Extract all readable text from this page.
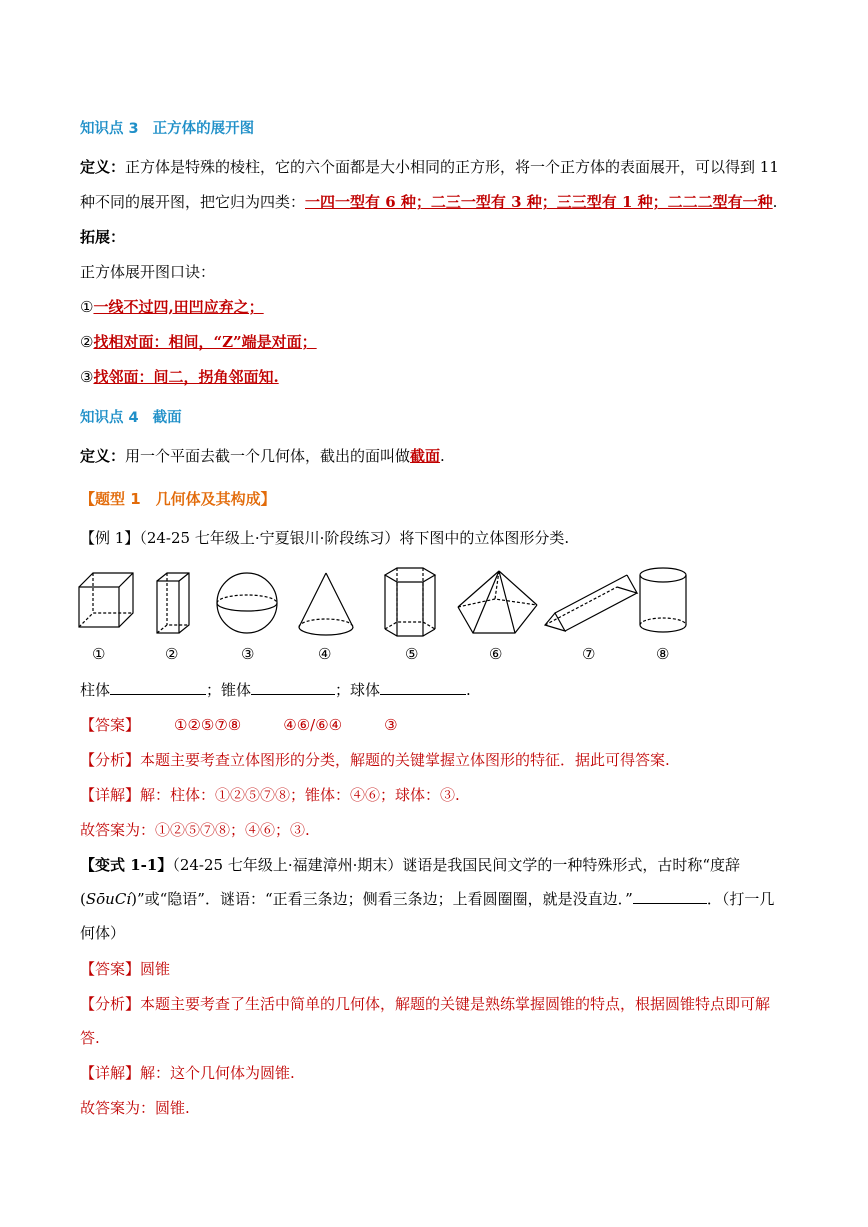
知识点 3 正方体的展开图
定义：正方体是特殊的棱柱，它的六个面都是大小相同的正方形，将一个正方体的表面展开，可以得到 11
种不同的展开图，把它归为四类：一四一型有 6 种；二三一型有 3 种；三三型有 1 种；二二二型有一种.
拓展：
正方体展开图口诀：
①一线不过四,田凹应弃之；
②找相对面：相间，“Z”端是对面；
③找邻面：间二，拐角邻面知.
知识点 4 截面
定义：用一个平面去截一个几何体，截出的面叫做截面.
【题型 1　几何体及其构成】
【例 1】（24-25 七年级上·宁夏银川·阶段练习）将下图中的立体图形分类.
①	②	③	④	⑤	⑥	⑦	⑧
柱体	；锥体	；球体	.
【答案】 ①②⑤⑦⑧	④⑥/⑥④	③
【分析】本题主要考查立体图形的分类，解题的关键掌握立体图形的特征．据此可得答案.
【详解】解：柱体：①②⑤⑦⑧；锥体：④⑥；球体：③.
故答案为：①②⑤⑦⑧；④⑥；③.
【变式 1-1】（24-25 七年级上·福建漳州·期末）谜语是我国民间文学的一种特殊形式，古时称“度辞
(SōuCí)”或“隐语”．谜语：“正看三条边；侧看三条边；上看圆圈圈，就是没直边．”	．（打一几
何体）
【答案】圆锥
【分析】本题主要考查了生活中简单的几何体，解题的关键是熟练掌握圆锥的特点，根据圆锥特点即可解
答.
【详解】解：这个几何体为圆锥.
故答案为：圆锥.
